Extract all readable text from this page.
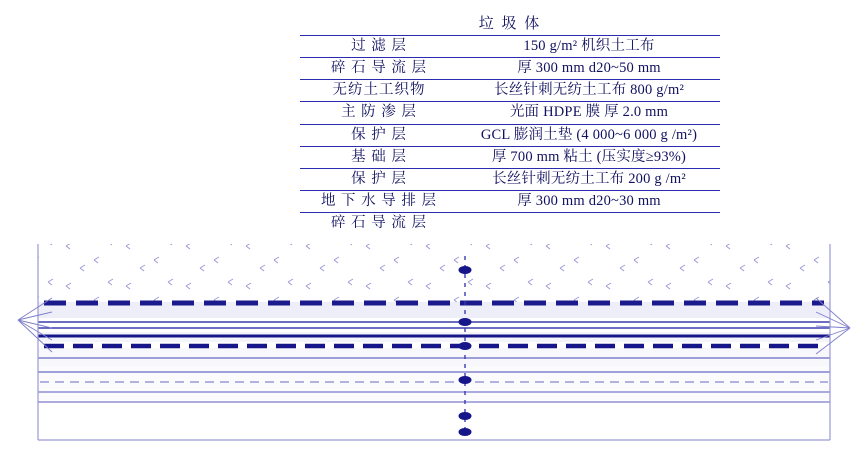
垃 圾 体
过 滤 层	150 g/m² 机织土工布
碎 石 导 流 层	厚 300 mm d20~50 mm
无纺土工织物	长丝针刺无纺土工布 800 g/m²
主 防 渗 层	光面 HDPE 膜 厚 2.0 mm
保 护 层	GCL 膨润土垫 (4 000~6 000 g /m²)
基 础 层	厚 700 mm 粘土 (压实度≥93%)
保 护 层	长丝针刺无纺土工布 200 g /m²
地 下 水 导 排 层	厚 300 mm d20~30 mm
碎 石 导 流 层	
